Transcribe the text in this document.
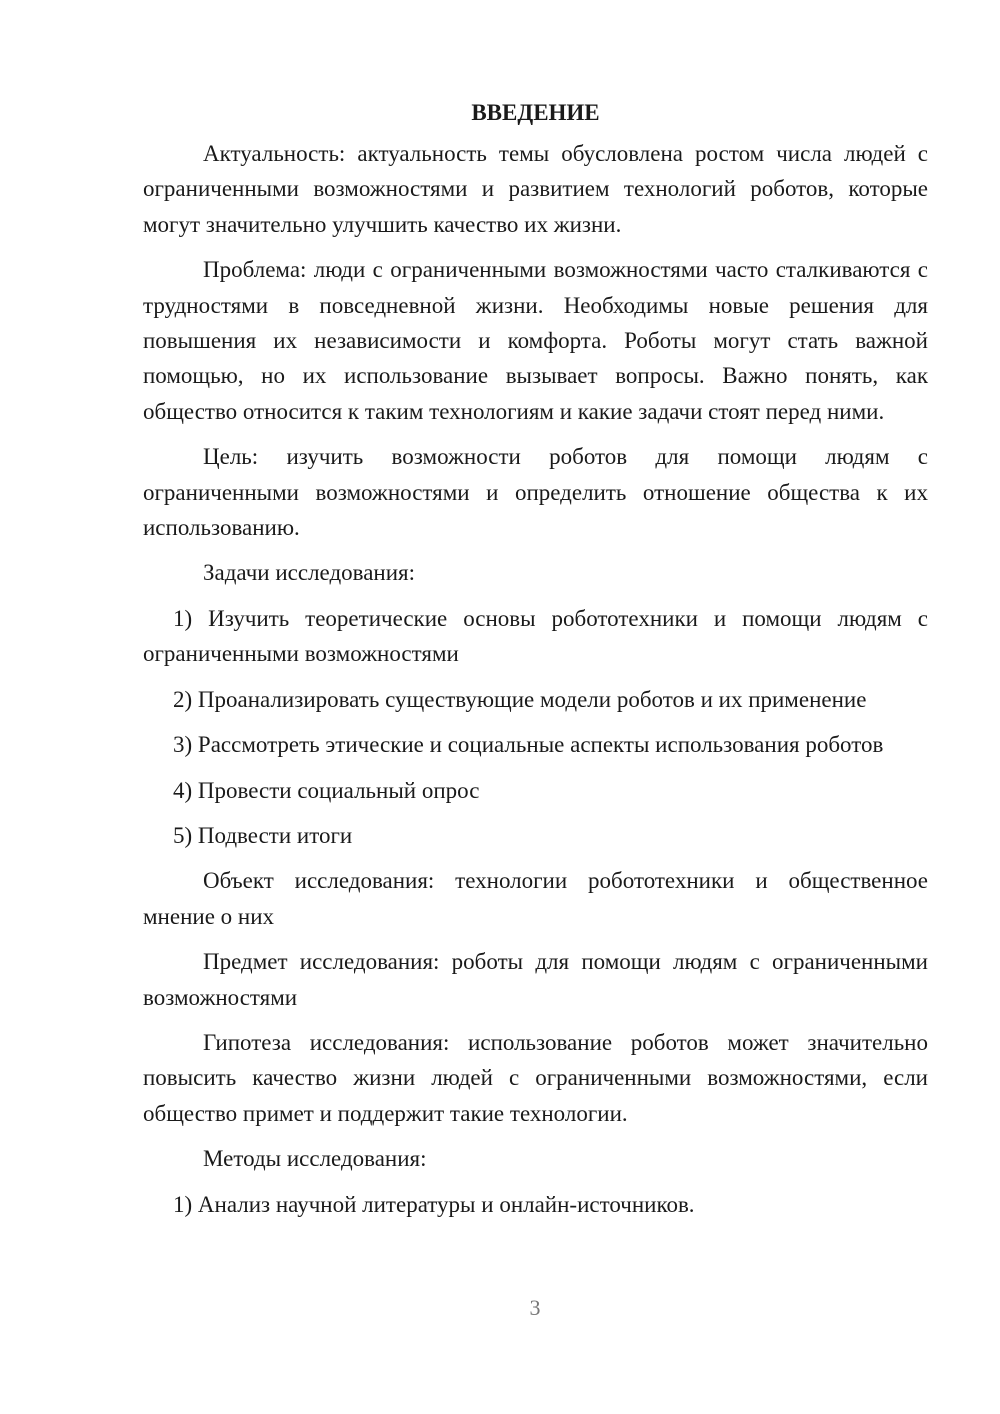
ВВЕДЕНИЕ

Актуальность: актуальность темы обусловлена ростом числа людей с ограниченными возможностями и развитием технологий роботов, которые могут значительно улучшить качество их жизни.

Проблема: люди с ограниченными возможностями часто сталкиваются с трудностями в повседневной жизни. Необходимы новые решения для повышения их независимости и комфорта. Роботы могут стать важной помощью, но их использование вызывает вопросы. Важно понять, как общество относится к таким технологиям и какие задачи стоят перед ними.

Цель: изучить возможности роботов для помощи людям с ограниченными возможностями и определить отношение общества к их использованию.

Задачи исследования:

1) Изучить теоретические основы робототехники и помощи людям с ограниченными возможностями

2) Проанализировать существующие модели роботов и их применение

3) Рассмотреть этические и социальные аспекты использования роботов

4) Провести социальный опрос

5) Подвести итоги

Объект исследования: технологии робототехники и общественное мнение о них

Предмет исследования: роботы для помощи людям с ограниченными возможностями

Гипотеза исследования: использование роботов может значительно повысить качество жизни людей с ограниченными возможностями, если общество примет и поддержит такие технологии.

Методы исследования:

1) Анализ научной литературы и онлайн-источников.

3
